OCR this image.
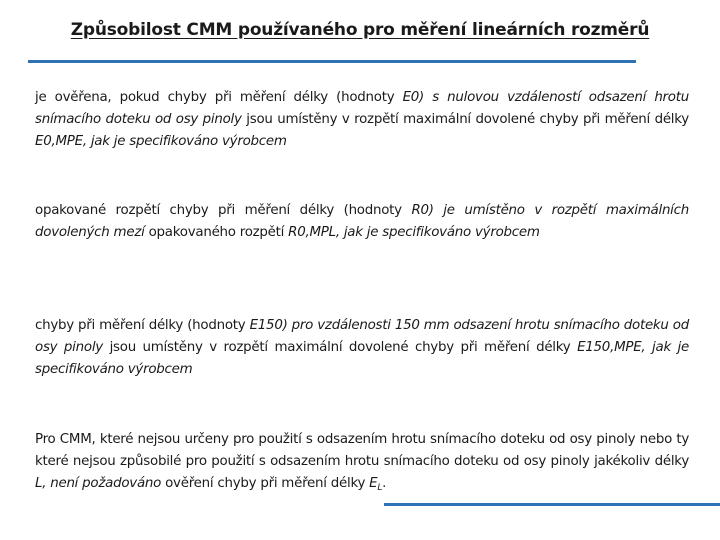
Způsobilost CMM používaného pro měření lineárních rozměrů
je ověřena, pokud chyby při měření délky (hodnoty E0) s nulovou vzdáleností odsazení hrotu snímacího doteku od osy pinoly jsou umístěny v rozpětí maximální dovolené chyby při měření délky E0,MPE, jak je specifikováno výrobcem
opakované rozpětí chyby při měření délky (hodnoty R0) je umístěno v rozpětí maximálních dovolených mezí opakovaného rozpětí R0,MPL, jak je specifikováno výrobcem
chyby při měření délky (hodnoty E150) pro vzdálenosti 150 mm odsazení hrotu snímacího doteku od osy pinoly jsou umístěny v rozpětí maximální dovolené chyby při měření délky E150,MPE, jak je specifikováno výrobcem
Pro CMM, které nejsou určeny pro použití s odsazením hrotu snímacího doteku od osy pinoly nebo ty které nejsou způsobilé pro použití s odsazením hrotu snímacího doteku od osy pinoly jakékoliv délky L, není požadováno ověření chyby při měření délky $E_L$.
